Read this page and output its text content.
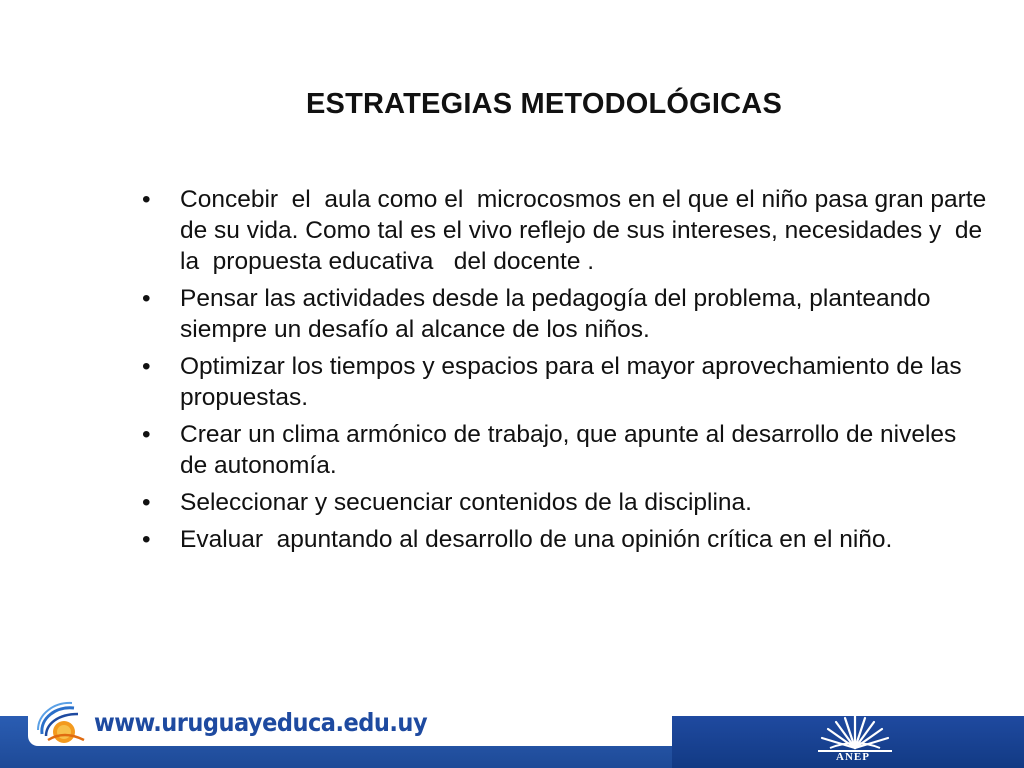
ESTRATEGIAS METODOLÓGICAS
• Concebir  el  aula como el  microcosmos en el que el niño pasa gran parte de su vida. Como tal es el vivo reflejo de sus intereses, necesidades y  de la  propuesta educativa   del docente .
• Pensar las actividades desde la pedagogía del problema, planteando siempre un desafío al alcance de los niños.
• Optimizar los tiempos y espacios para el mayor aprovechamiento de las propuestas.
• Crear un clima armónico de trabajo, que apunte al desarrollo de niveles de autonomía.
• Seleccionar y secuenciar contenidos de la disciplina.
• Evaluar  apuntando al desarrollo de una opinión crítica en el niño.
www.uruguayeduca.edu.uy
ANEP
